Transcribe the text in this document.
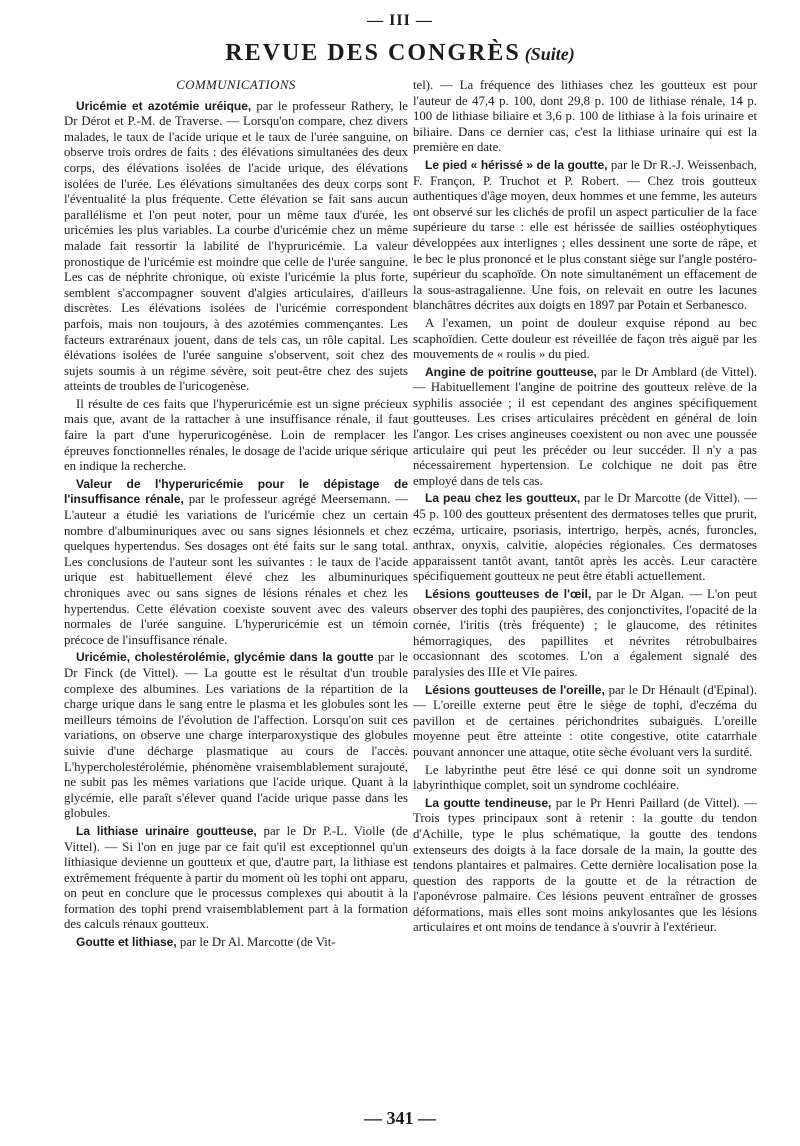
— III —
REVUE DES CONGRÈS (Suite)

COMMUNICATIONS

Uricémie et azotémie uréique, par le professeur Rathery, le Dr Dérot et P.-M. de Traverse. — Lorsqu'on compare, chez divers malades, le taux de l'acide urique et le taux de l'urée sanguine, on observe trois ordres de faits : des élévations simultanées des deux corps, des élévations isolées de l'acide urique, des élévations isolées de l'urée. Les élévations simultanées des deux corps sont l'éventualité la plus fréquente. Cette élévation se fait sans aucun parallélisme et l'on peut noter, pour un même taux d'urée, les uricémies les plus variables. La courbe d'uricémie chez un même malade fait ressortir la labilité de l'hypruricémie. La valeur pronostique de l'uricémie est moindre que celle de l'urée sanguine. Les cas de néphrite chronique, où existe l'uricémie la plus forte, semblent s'accompagner souvent d'algies articulaires, d'ailleurs discrètes. Les élévations isolées de l'uricémie correspondent parfois, mais non toujours, à des azotémies commençantes. Les facteurs extrarénaux jouent, dans de tels cas, un rôle capital. Les élévations isolées de l'urée sanguine s'observent, soit chez des sujets soumis à un régime sévère, soit peut-être chez des sujets atteints de troubles de l'uricogenèse.

Il résulte de ces faits que l'hyperuricémie est un signe précieux mais que, avant de la rattacher à une insuffisance rénale, il faut faire la part d'une hyperuricogénèse. Loin de remplacer les épreuves fonctionnelles rénales, le dosage de l'acide urique sérique en indique la recherche.

Valeur de l'hyperuricémie pour le dépistage de l'insuffisance rénale, par le professeur agrégé Meersemann. — L'auteur a étudié les variations de l'uricémie chez un certain nombre d'albuminuriques avec ou sans signes lésionnels et chez quelques hypertendus. Ses dosages ont été faits sur le sang total. Les conclusions de l'auteur sont les suivantes : le taux de l'acide urique est habituellement élevé chez les albuminuriques chroniques avec ou sans signes de lésions rénales et chez les hypertendus. Cette élévation coexiste souvent avec des valeurs normales de l'urée sanguine. L'hyperuricémie est un témoin précoce de l'insuffisance rénale.

Uricémie, cholestérolémie, glycémie dans la goutte par le Dr Finck (de Vittel). — La goutte est le résultat d'un trouble complexe des albumines. Les variations de la répartition de la charge urique dans le sang entre le plasma et les globules sont les meilleurs témoins de l'évolution de l'affection. Lorsqu'on suit ces variations, on observe une charge interparoxystique des globules suivie d'une décharge plasmatique au cours de l'accès. L'hypercholestérolémie, phénomène vraisemblablement surajouté, ne subit pas les mêmes variations que l'acide urique. Quant à la glycémie, elle paraît s'élever quand l'acide urique passe dans les globules.

La lithiase urinaire goutteuse, par le Dr P.-L. Violle (de Vittel). — Si l'on en juge par ce fait qu'il est exceptionnel qu'un lithiasique devienne un goutteux et que, d'autre part, la lithiase est extrêmement fréquente à partir du moment où les tophi ont apparu, on peut en conclure que le processus complexes qui aboutit à la formation des tophi prend vraisemblablement part à la formation des calculs rénaux goutteux.

Goutte et lithiase, par le Dr Al. Marcotte (de Vit-

tel). — La fréquence des lithiases chez les goutteux est pour l'auteur de 47,4 p. 100, dont 29,8 p. 100 de lithiase rénale, 14 p. 100 de lithiase biliaire et 3,6 p. 100 de lithiase à la fois urinaire et biliaire. Dans ce dernier cas, c'est la lithiase urinaire qui est la première en date.

Le pied « hérissé » de la goutte, par le Dr R.-J. Weissenbach, F. Françon, P. Truchot et P. Robert. — Chez trois goutteux authentiques d'âge moyen, deux hommes et une femme, les auteurs ont observé sur les clichés de profil un aspect particulier de la face supérieure du tarse : elle est hérissée de saillies ostéophytiques développées aux interlignes ; elles dessinent une sorte de râpe, et le bec le plus prononcé et le plus constant siège sur l'angle postéro-supérieur du scaphoïde. On note simultanément un effacement de la sous-astragalienne. Une fois, on relevait en outre les lacunes blanchâtres décrites aux doigts en 1897 par Potain et Serbanesco.

A l'examen, un point de douleur exquise répond au bec scaphoïdien. Cette douleur est réveillée de façon très aiguë par les mouvements de « roulis » du pied.

Angine de poitrine goutteuse, par le Dr Amblard (de Vittel). — Habituellement l'angine de poitrine des goutteux relève de la syphilis associée ; il est cependant des angines spécifiquement goutteuses. Les crises articulaires précèdent en général de loin l'angor. Les crises angineuses coexistent ou non avec une poussée articulaire qui peut les précéder ou leur succéder. Il n'y a pas nécessairement hypertension. Le colchique ne doit pas être employé dans de tels cas.

La peau chez les goutteux, par le Dr Marcotte (de Vittel). — 45 p. 100 des goutteux présentent des dermatoses telles que prurit, eczéma, urticaire, psoriasis, intertrigo, herpès, acnés, furoncles, anthrax, onyxis, calvitie, alopécies régionales. Ces dermatoses apparaissent tantôt avant, tantôt après les accès. Leur caractère spécifiquement goutteux ne peut être établi actuellement.

Lésions goutteuses de l'œil, par le Dr Algan. — L'on peut observer des tophi des paupières, des conjonctivites, l'opacité de la cornée, l'iritis (très fréquente) ; le glaucome, des rétinites hémorragiques, des papillites et névrites rétrobulbaires occasionnant des scotomes. L'on a également signalé des paralysies des IIIe et VIe paires.

Lésions goutteuses de l'oreille, par le Dr Hénault (d'Epinal). — L'oreille externe peut être le siège de tophi, d'eczéma du pavillon et de certaines périchondrites subaiguës. L'oreille moyenne peut être atteinte : otite congestive, otite catarrhale pouvant annoncer une attaque, otite sèche évoluant vers la surdité.

Le labyrinthe peut être lésé ce qui donne soit un syndrome labyrinthique complet, soit un syndrome cochléaire.

La goutte tendineuse, par le Pr Henri Paillard (de Vittel). — Trois types principaux sont à retenir : la goutte du tendon d'Achille, type le plus schématique, la goutte des tendons extenseurs des doigts à la face dorsale de la main, la goutte des tendons plantaires et palmaires. Cette dernière localisation pose la question des rapports de la goutte et de la rétraction de l'aponévrose palmaire. Ces lésions peuvent entraîner de grosses déformations, mais elles sont moins ankylosantes que les lésions articulaires et ont moins de tendance à s'ouvrir à l'extérieur.

— 341 —
